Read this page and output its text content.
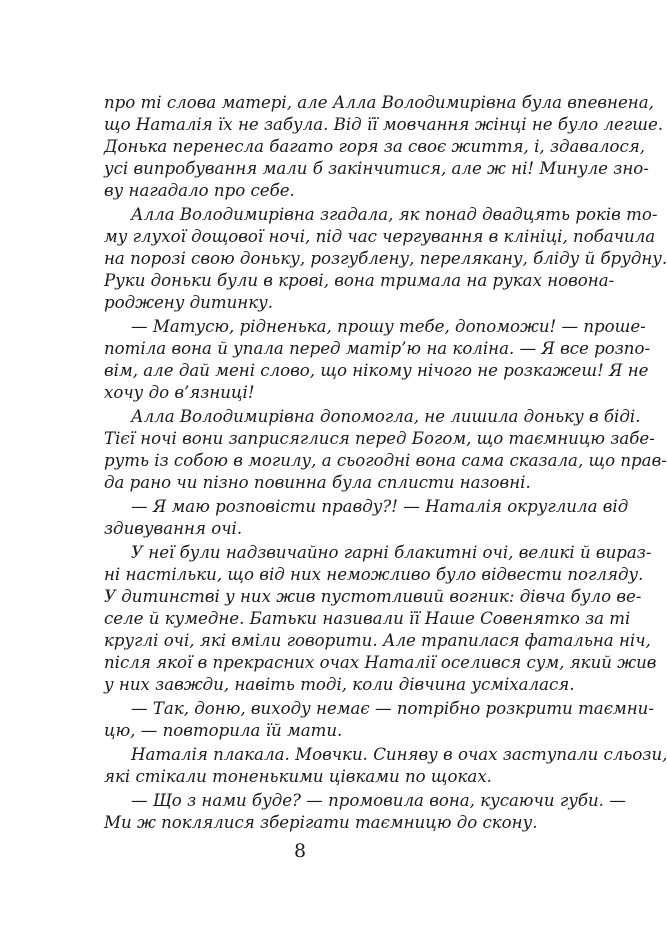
про ті слова матері, але Алла Володимирівна була впевнена,
що Наталія їх не забула. Від її мовчання жінці не було легше.
Донька перенесла багато горя за своє життя, і, здавалося,
усі випробування мали б закінчитися, але ж ні! Минуле зно-
ву нагадало про себе.
Алла Володимирівна згадала, як понад двадцять років то-
му глухої дощової ночі, під час чергування в клініці, побачила
на порозі свою доньку, розгублену, перелякану, бліду й брудну.
Руки доньки були в крові, вона тримала на руках новона-
роджену дитинку.
— Матусю, рідненька, прошу тебе, допоможи! — проше-
потіла вона й упала перед матір’ю на коліна. — Я все розпо-
вім, але дай мені слово, що нікому нічого не розкажеш! Я не
хочу до в’язниці!
Алла Володимирівна допомогла, не лишила доньку в біді.
Тієї ночі вони заприсяглися перед Богом, що таємницю забе-
руть із собою в могилу, а сьогодні вона сама сказала, що прав-
да рано чи пізно повинна була сплисти назовні.
— Я маю розповісти правду?! — Наталія округлила від
здивування очі.
У неї були надзвичайно гарні блакитні очі, великі й вираз-
ні настільки, що від них неможливо було відвести погляду.
У дитинстві у них жив пустотливий вогник: дівча було ве-
селе й кумедне. Батьки називали її Наше Совенятко за ті
круглі очі, які вміли говорити. Але трапилася фатальна ніч,
після якої в прекрасних очах Наталії оселився сум, який жив
у них завжди, навіть тоді, коли дівчина усміхалася.
— Так, доню, виходу немає — потрібно розкрити таємни-
цю, — повторила їй мати.
Наталія плакала. Мовчки. Синяву в очах заступали сльози,
які стікали тоненькими цівками по щоках.
— Що з нами буде? — промовила вона, кусаючи губи. —
Ми ж поклялися зберігати таємницю до скону.
8
